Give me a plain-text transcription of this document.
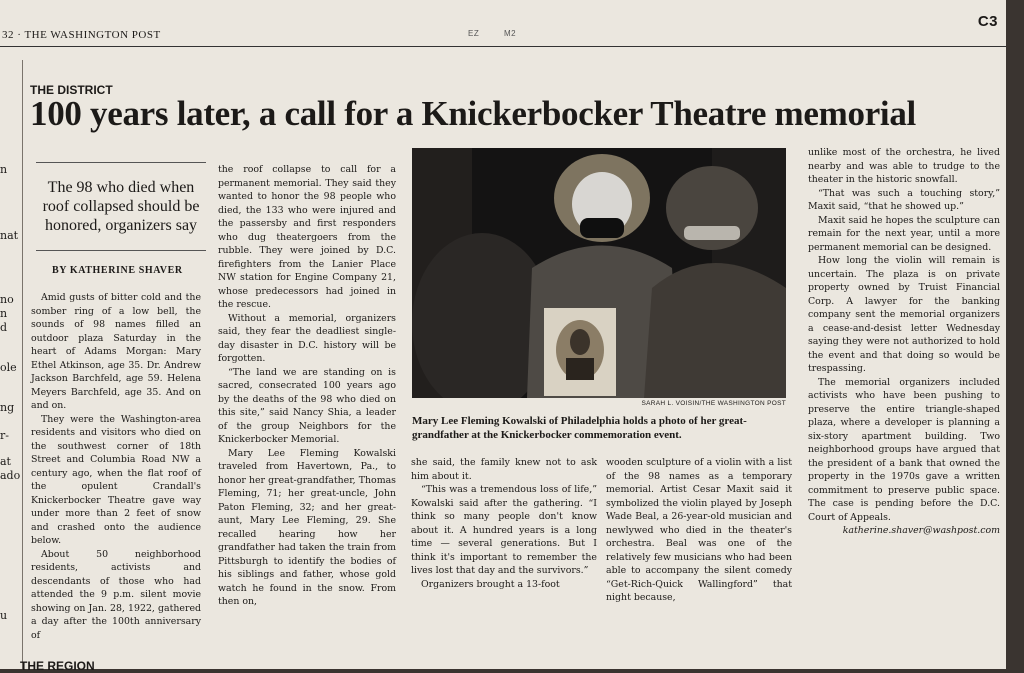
n
nat
no
n
d
ole
ng
r-
at
ado
u
32 · THE WASHINGTON POST	EZ	M2
C3
THE DISTRICT
100 years later, a call for a Knickerbocker Theatre memorial
The 98 who died when roof collapsed should be honored, organizers say
BY KATHERINE SHAVER

Amid gusts of bitter cold and the somber ring of a low bell, the sounds of 98 names filled an outdoor plaza Saturday in the heart of Adams Morgan: Mary Ethel Atkinson, age 35. Dr. Andrew Jackson Barchfeld, age 59. Helena Meyers Barchfeld, age 35. And on and on.

They were the Washington-area residents and visitors who died on the southwest corner of 18th Street and Columbia Road NW a century ago, when the flat roof of the opulent Crandall's Knickerbocker Theatre gave way under more than 2 feet of snow and crashed onto the audience below.

About 50 neighborhood residents, activists and descendants of those who had attended the 9 p.m. silent movie showing on Jan. 28, 1922, gathered a day after the 100th anniversary of

the roof collapse to call for a permanent memorial. They said they wanted to honor the 98 people who died, the 133 who were injured and the passersby and first responders who dug theatergoers from the rubble. They were joined by D.C. firefighters from the Lanier Place NW station for Engine Company 21, whose predecessors had joined in the rescue.

Without a memorial, organizers said, they fear the deadliest single-day disaster in D.C. history will be forgotten.

“The land we are standing on is sacred, consecrated 100 years ago by the deaths of the 98 who died on this site,” said Nancy Shia, a leader of the group Neighbors for the Knickerbocker Memorial.

Mary Lee Fleming Kowalski traveled from Havertown, Pa., to honor her great-grandfather, Thomas Fleming, 71; her great-uncle, John Paton Fleming, 32; and her great-aunt, Mary Lee Fleming, 29. She recalled hearing how her grandfather had taken the train from Pittsburgh to identify the bodies of his siblings and father, whose gold watch he found in the snow. From then on,

SARAH L. VOISIN/THE WASHINGTON POST
Mary Lee Fleming Kowalski of Philadelphia holds a photo of her great-grandfather at the Knickerbocker commemoration event.

she said, the family knew not to ask him about it.

“This was a tremendous loss of life,” Kowalski said after the gathering. “I think so many people don't know about it. A hundred years is a long time — several generations. But I think it's important to remember the lives lost that day and the survivors.”

Organizers brought a 13-foot

wooden sculpture of a violin with a list of the 98 names as a temporary memorial. Artist Cesar Maxit said it symbolized the violin played by Joseph Wade Beal, a 26-year-old musician and newlywed who died in the theater's orchestra. Beal was one of the relatively few musicians who had been able to accompany the silent comedy “Get-Rich-Quick Wallingford” that night because,

unlike most of the orchestra, he lived nearby and was able to trudge to the theater in the historic snowfall.

“That was such a touching story,” Maxit said, “that he showed up.”

Maxit said he hopes the sculpture can remain for the next year, until a more permanent memorial can be designed.

How long the violin will remain is uncertain. The plaza is on private property owned by Truist Financial Corp. A lawyer for the banking company sent the memorial organizers a cease-and-desist letter Wednesday saying they were not authorized to hold the event and that doing so would be trespassing.

The memorial organizers included activists who have been pushing to preserve the entire triangle-shaped plaza, where a developer is planning a six-story apartment building. Two neighborhood groups have argued that the president of a bank that owned the property in the 1970s gave a written commitment to preserve public space. The case is pending before the D.C. Court of Appeals.

katherine.shaver@washpost.com

THE REGION
